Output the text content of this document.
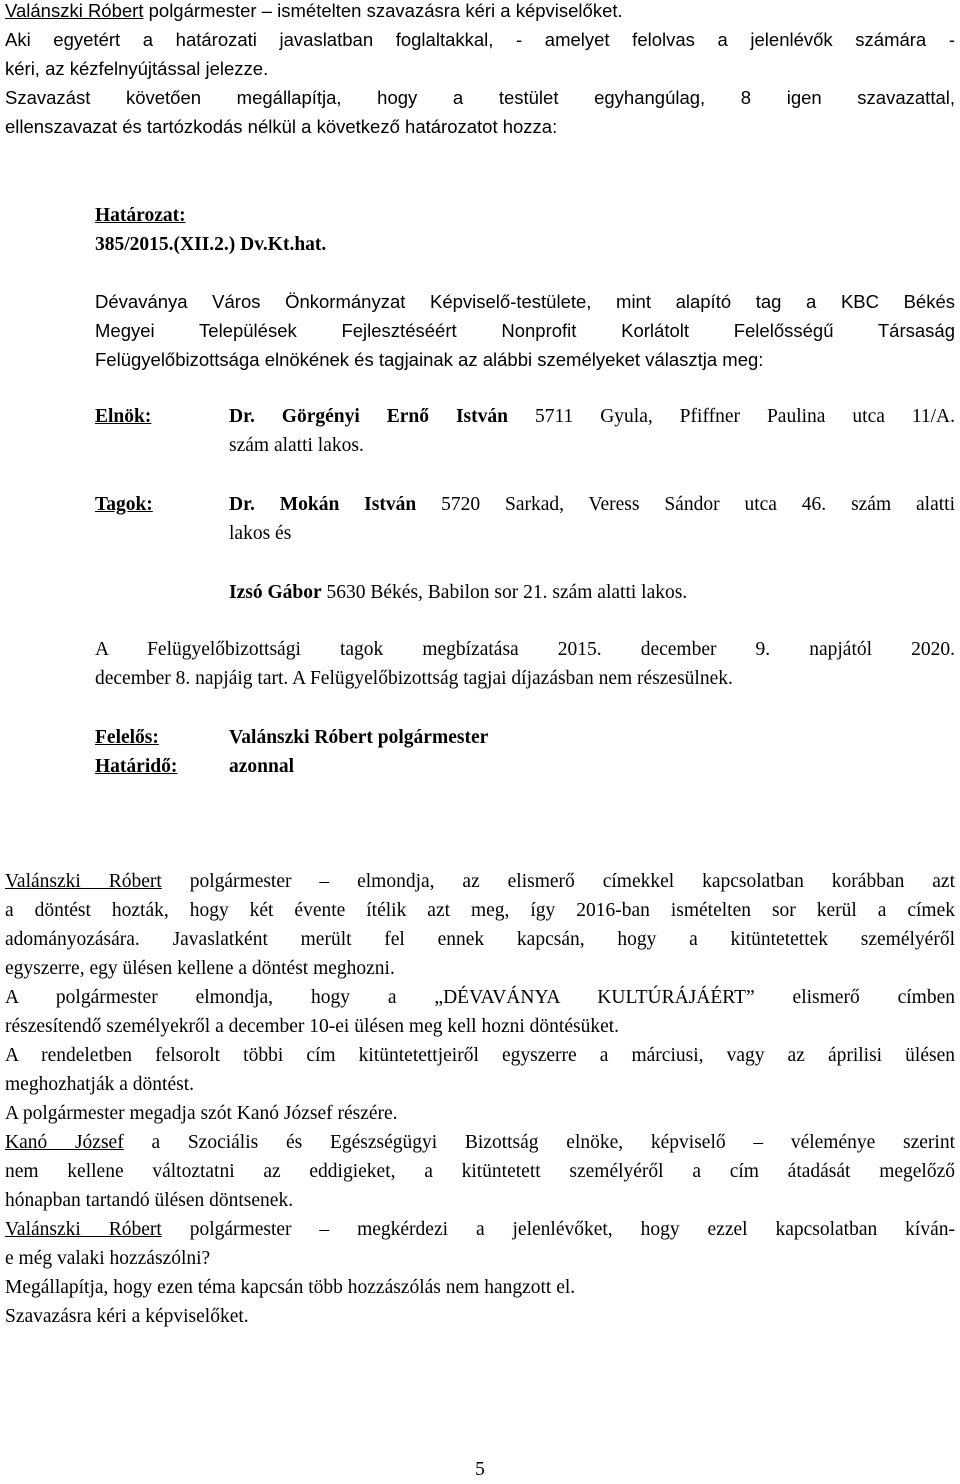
Valánszki Róbert polgármester – ismételten szavazásra kéri a képviselőket.

Aki egyetért a határozati javaslatban foglaltakkal, - amelyet felolvas a jelenlévők számára -

kéri, az kézfelnyújtással jelezze.

Szavazást követően megállapítja, hogy a testület egyhangúlag, 8 igen szavazattal,

ellenszavazat és tartózkodás nélkül a következő határozatot hozza:

Határozat:
385/2015.(XII.2.) Dv.Kt.hat.

Dévaványa Város Önkormányzat Képviselő-testülete, mint alapító tag a KBC Békés

Megyei Települések Fejlesztéséért Nonprofit Korlátolt Felelősségű Társaság

Felügyelőbizottsága elnökének és tagjainak az alábbi személyeket választja meg:

Elnök:	Dr. Görgényi Ernő István 5711 Gyula, Pfiffner Paulina utca 11/A.

szám alatti lakos.

Tagok:	Dr. Mokán István 5720 Sarkad, Veress Sándor utca 46. szám alatti

lakos és

Izsó Gábor 5630 Békés, Babilon sor 21. szám alatti lakos.

A Felügyelőbizottsági tagok megbízatása 2015. december 9. napjától 2020.

december 8. napjáig tart. A Felügyelőbizottság tagjai díjazásban nem részesülnek.

Felelős:	Valánszki Róbert polgármester
Határidő:	azonnal

Valánszki Róbert polgármester – elmondja, az elismerő címekkel kapcsolatban korábban azt

a döntést hozták, hogy két évente ítélik azt meg, így 2016-ban ismételten sor kerül a címek

adományozására. Javaslatként merült fel ennek kapcsán, hogy a kitüntetettek személyéről

egyszerre, egy ülésen kellene a döntést meghozni.

A polgármester elmondja, hogy a „DÉVAVÁNYA KULTÚRÁJÁÉRT” elismerő címben

részesítendő személyekről a december 10-ei ülésen meg kell hozni döntésüket.

A rendeletben felsorolt többi cím kitüntetettjeiről egyszerre a márciusi, vagy az áprilisi ülésen

meghozhatják a döntést.

A polgármester megadja szót Kanó József részére.

Kanó József a Szociális és Egészségügyi Bizottság elnöke, képviselő – véleménye szerint

nem kellene változtatni az eddigieket, a kitüntetett személyéről a cím átadását megelőző

hónapban tartandó ülésen döntsenek.

Valánszki Róbert polgármester – megkérdezi a jelenlévőket, hogy ezzel kapcsolatban kíván-

e még valaki hozzászólni?

Megállapítja, hogy ezen téma kapcsán több hozzászólás nem hangzott el.

Szavazásra kéri a képviselőket.

5
